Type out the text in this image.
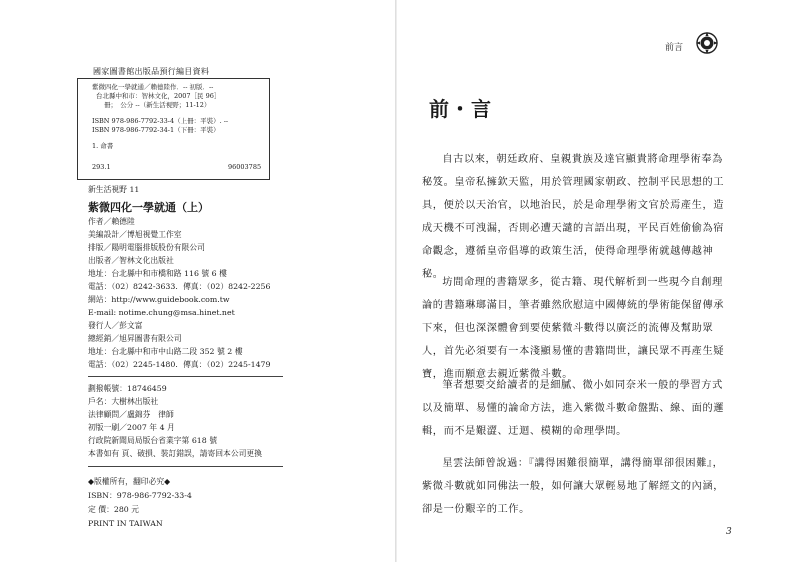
國家圖書館出版品預行編目資料
紫微四化一學就通／賴德陸作．-- 初版．--
台北縣中和市：智林文化，2007［民 96］
冊；　公分 --（新生活視野；11-12）
ISBN 978-986-7792-33-4（上冊：平裝）. --
ISBN 978-986-7792-34-1（下冊：平裝）
1. 命書
293.1	96003785
新生活視野 11
紫微四化一學就通（上）
作者／賴德陸
美編設計／博旭視覺工作室
排版／陽明電腦排版股份有限公司
出版者／智林文化出版社
地址：台北縣中和市橋和路 116 號 6 樓
電話：（02）8242-3633．傳真：（02）8242-2256
網站：http://www.guidebook.com.tw
E-mail: notime.chung@msa.hinet.net
發行人／彭文富
總經銷／旭昇圖書有限公司
地址：台北縣中和市中山路二段 352 號 2 樓
電話：（02）2245-1480．傳真：（02）2245-1479
劃撥帳號：18746459
戶名：大樹林出版社
法律顧問／盧錦芬　律師
初版一刷／2007 年 4 月
行政院新聞局局版台省業字第 618 號
本書如有 頁、破損、裝訂錯誤，請寄回本公司更換
◆版權所有，翻印必究◆
ISBN：978-986-7792-33-4
定 價：280 元
PRINT IN TAIWAN
前言
前・言
自古以來，朝廷政府、皇親貴族及達官顯貴將命理學術奉為秘笈。皇帝私擁欽天監，用於管理國家朝政、控制平民思想的工具，便於以天治官，以地治民，於是命理學術文官於焉產生，造成天機不可洩漏，否則必遭天譴的言語出現，平民百姓偷偷為宿命觀念，遵循皇帝倡導的政策生活，使得命理學術就越傳越神秘。
坊間命理的書籍眾多，從古籍、現代解析到一些現今自創理論的書籍琳瑯滿目，筆者雖然欣慰這中國傳統的學術能保留傳承下來，但也深深體會到要使紫微斗數得以廣泛的流傳及幫助眾人，首先必須要有一本淺顯易懂的書籍問世，讓民眾不再產生疑寶，進而願意去親近紫微斗數。
筆者想要交給讀者的是細膩、微小如同奈米一般的學習方式以及簡單、易懂的論命方法，進入紫微斗數命盤點、線、面的邏輯，而不是艱澀、迂迴、模糊的命理學問。
星雲法師曾說過：『講得困難很簡單，講得簡單卻很困難』，紫微斗數就如同佛法一般，如何讓大眾輕易地了解經文的內涵，卻是一份艱辛的工作。
3
